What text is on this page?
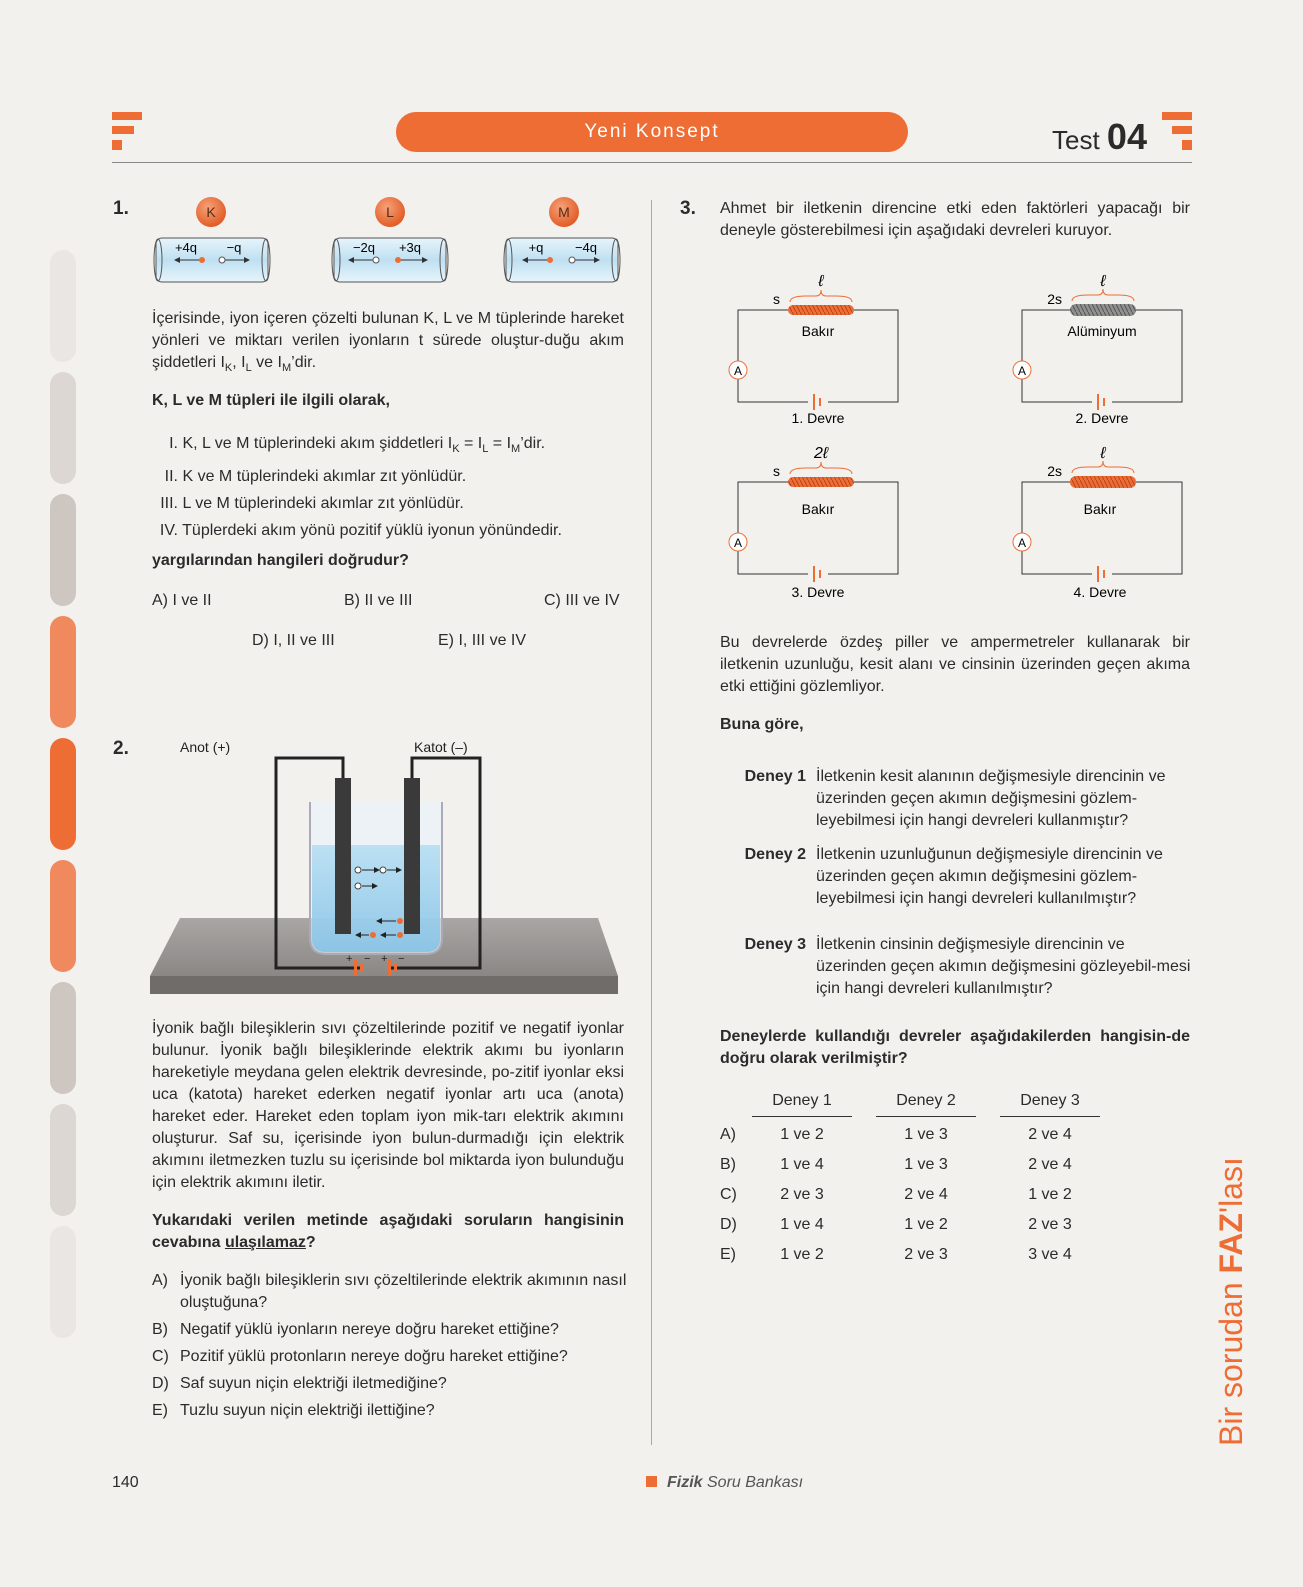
Yeni Konsept	Test 04
1.	K
+4q −q
L
−2q +3q
M
+q −4q
İçerisinde, iyon içeren çözelti bulunan K, L ve M tüplerinde hareket yönleri ve miktarı verilen iyonların t sürede oluştur-duğu akım şiddetleri $I_K$, $I_L$ ve $I_M’dir$.
K, L ve M tüpleri ile ilgili olarak,
I. K, L ve M tüplerindeki akım şiddetleri $I_K = I_L$ = $I_M’dir$.
II. K ve M tüplerindeki akımlar zıt yönlüdür.
III. L ve M tüplerindeki akımlar zıt yönlüdür.
IV. Tüplerdeki akım yönü pozitif yüklü iyonun yönündedir.
yargılarından hangileri doğrudur?
A) I ve II	B) II ve III	C) III ve IV
D) I, II ve III	E) I, III ve IV
2.	Anot (+)	Katot (–)
+ − + −
İyonik bağlı bileşiklerin sıvı çözeltilerinde pozitif ve negatif iyonlar bulunur. İyonik bağlı bileşiklerinde elektrik akımı bu iyonların hareketiyle meydana gelen elektrik devresinde, po-zitif iyonlar eksi uca (katota) hareket ederken negatif iyonlar artı uca (anota) hareket eder. Hareket eden toplam iyon mik-tarı elektrik akımını oluşturur. Saf su, içerisinde iyon bulun-durmadığı için elektrik akımını iletmezken tuzlu su içerisinde bol miktarda iyon bulunduğu için elektrik akımını iletir.
Yukarıdaki verilen metinde aşağıdaki soruların hangisinin cevabına ulaşılamaz?
A) İyonik bağlı bileşiklerin sıvı çözeltilerinde elektrik akımının nasıl oluştuğuna?
B) Negatif yüklü iyonların nereye doğru hareket ettiğine?
C) Pozitif yüklü protonların nereye doğru hareket ettiğine?
D) Saf suyun niçin elektriği iletmediğine?
E) Tuzlu suyun niçin elektriği ilettiğine?
3. Ahmet bir iletkenin direncine etki eden faktörleri yapacağı bir deneyle gösterebilmesi için aşağıdaki devreleri kuruyor.
ℓ
s
Bakır
A
1. Devre
ℓ
2s
Alüminyum
A
2. Devre
2ℓ
s
Bakır
A
3. Devre
ℓ
2s
Bakır
A
4. Devre
Bu devrelerde özdeş piller ve ampermetreler kullanarak bir iletkenin uzunluğu, kesit alanı ve cinsinin üzerinden geçen akıma etki ettiğini gözlemliyor.
Buna göre,
Deney 1 İletkenin kesit alanının değişmesiyle direncinin ve üzerinden geçen akımın değişmesini gözlem-leyebilmesi için hangi devreleri kullanmıştır?
Deney 2 İletkenin uzunluğunun değişmesiyle direncinin ve üzerinden geçen akımın değişmesini gözlem-leyebilmesi için hangi devreleri kullanılmıştır?
Deney 3 İletkenin cinsinin değişmesiyle direncinin ve üzerinden geçen akımın değişmesini gözleyebil-mesi için hangi devreleri kullanılmıştır?
Deneylerde kullandığı devreler aşağıdakilerden hangisin-de doğru olarak verilmiştir?
Deney 1	Deney 2	Deney 3
A)	1 ve 2	1 ve 3	2 ve 4
B)	1 ve 4	1 ve 3	2 ve 4
C)	2 ve 3	2 ve 4	1 ve 2
D)	1 ve 4	1 ve 2	2 ve 3
E)	1 ve 2	2 ve 3	3 ve 4
140	Fizik Soru Bankası
Bir sorudan FAZ'lası
